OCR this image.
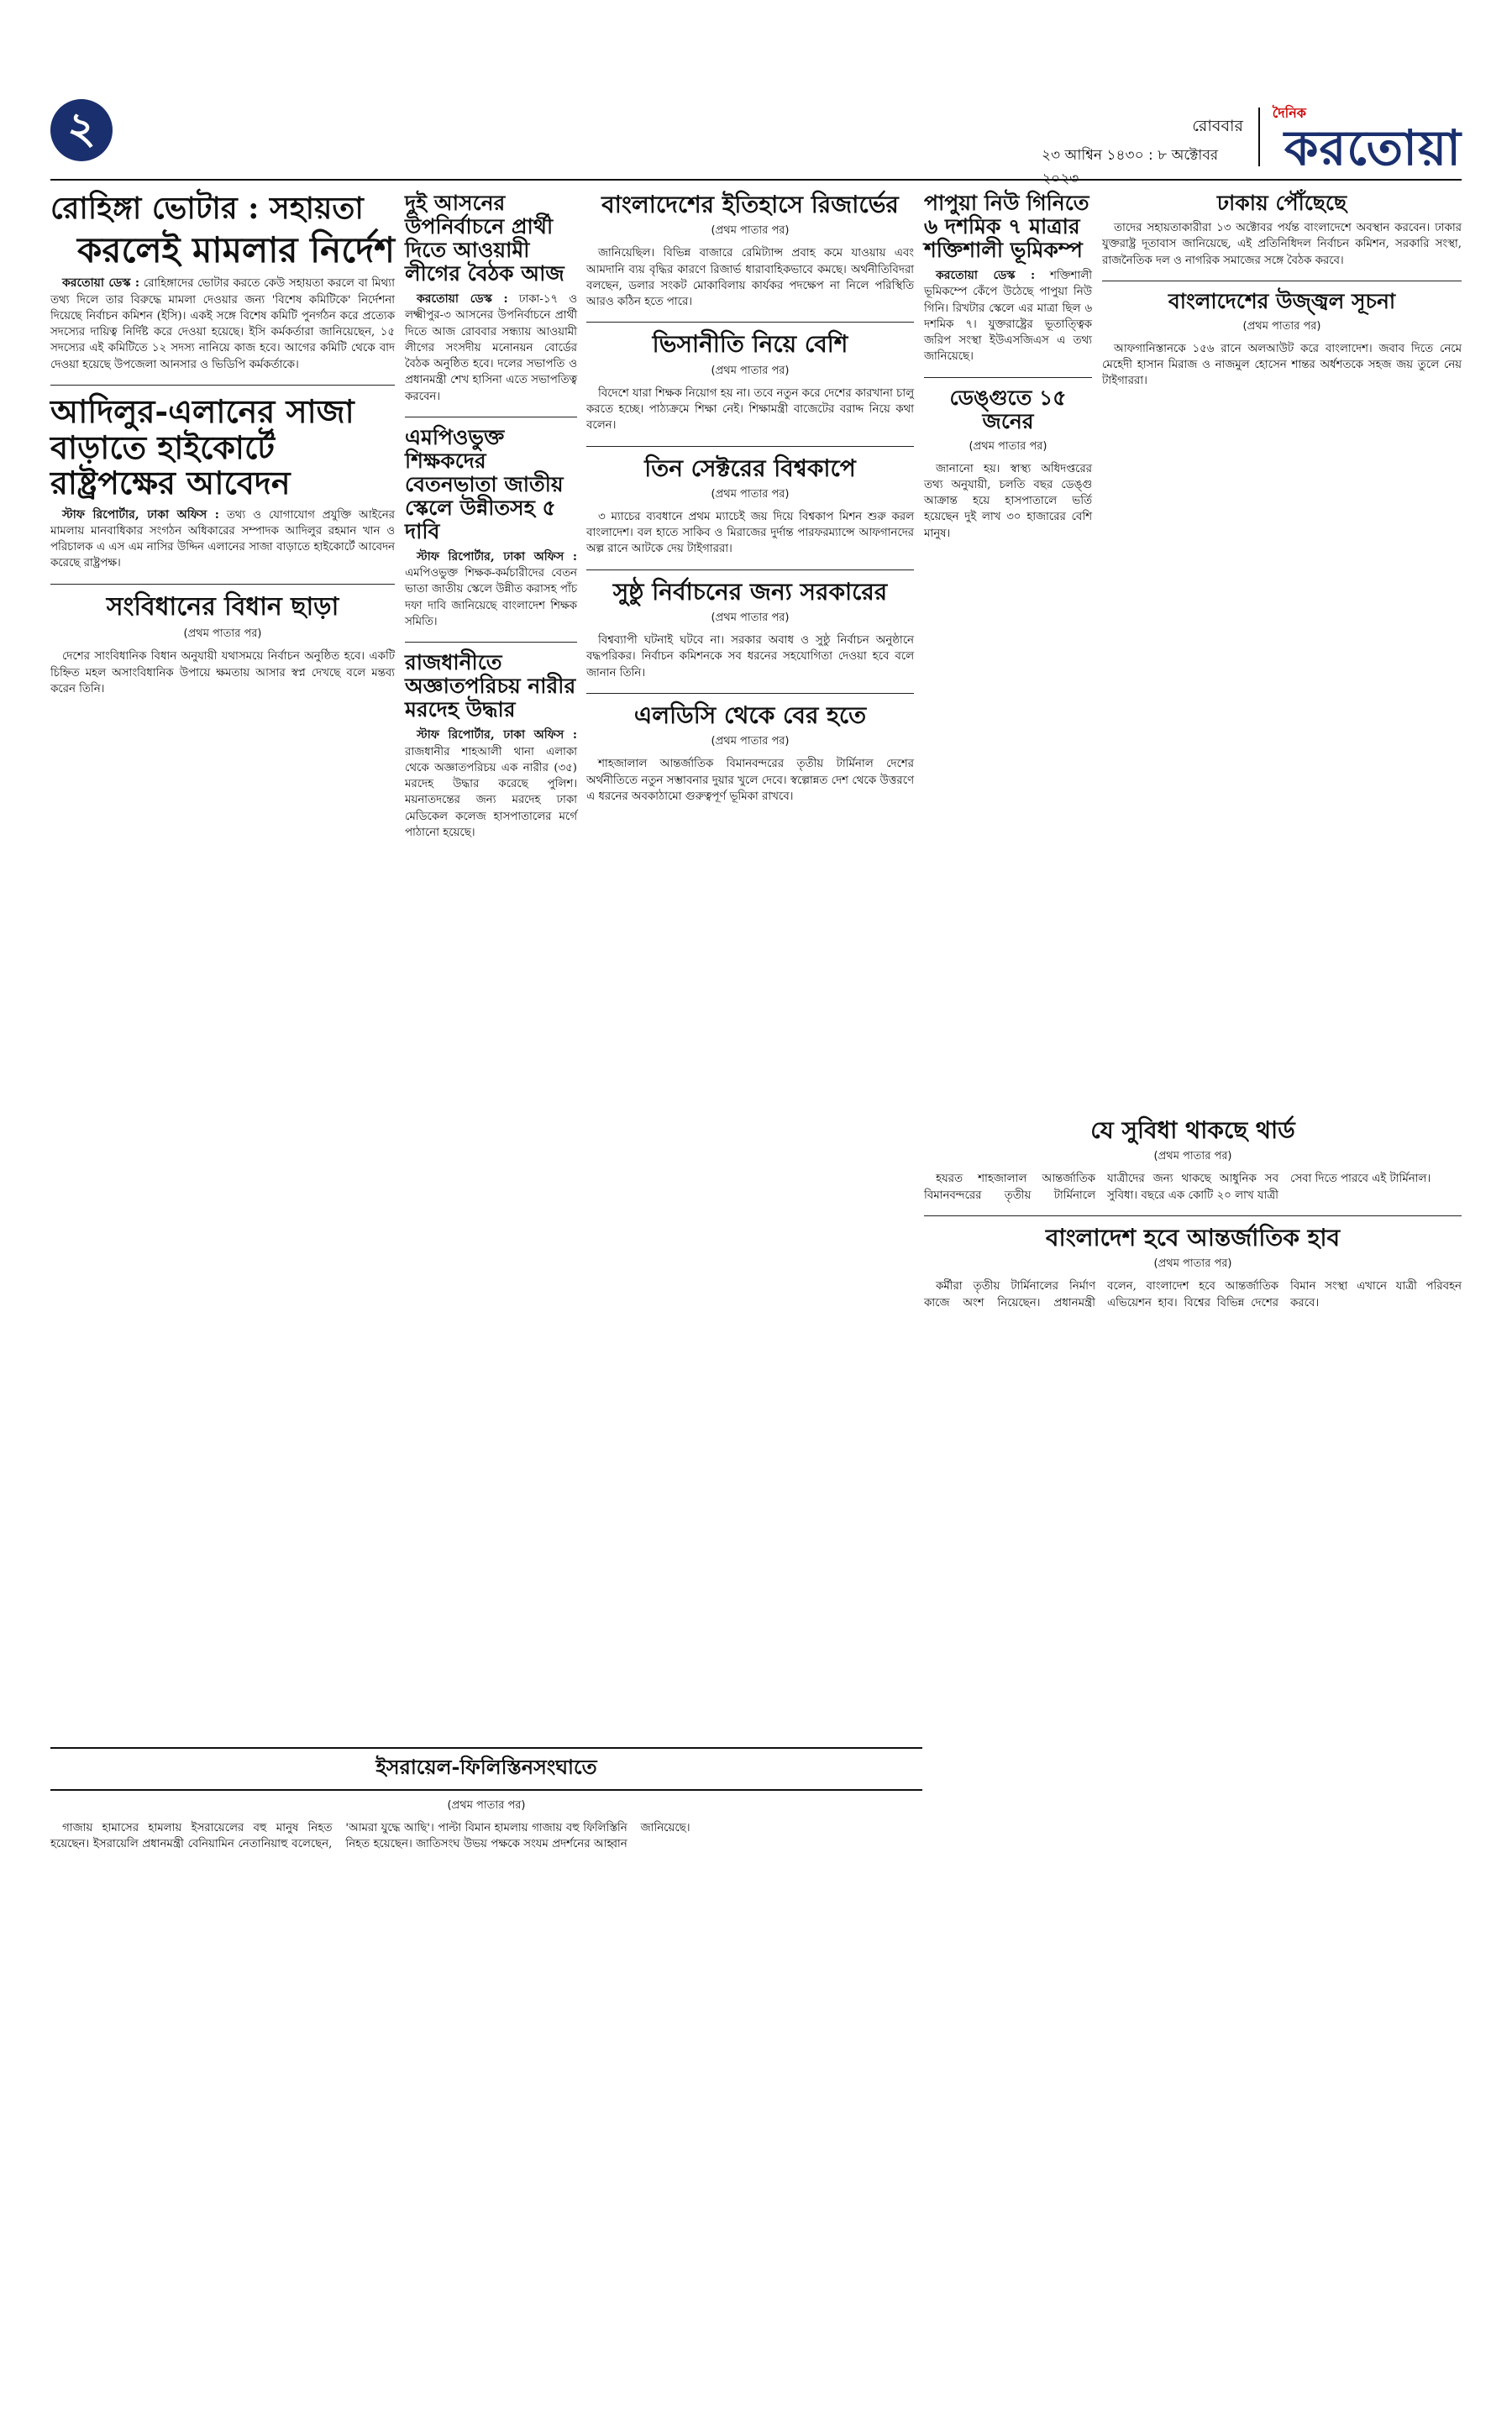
২	রোববার
২৩ আশ্বিন ১৪৩০ : ৮ অক্টোবর ২০২৩
দৈনিক
করতোয়া
রোহিঙ্গা ভোটার : সহায়তা
করলেই মামলার নির্দেশ

করতোয়া ডেস্ক : রোহিঙ্গাদের ভোটার করতে কেউ সহায়তা করলে বা মিথ্যা তথ্য দিলে তার বিরুদ্ধে মামলা দেওয়ার জন্য 'বিশেষ কমিটিকে' নির্দেশনা দিয়েছে নির্বাচন কমিশন (ইসি)। একই সঙ্গে বিশেষ কমিটি পুনর্গঠন করে প্রত্যেক সদস্যের দায়িত্ব নির্দিষ্ট করে দেওয়া হয়েছে। ইসি কর্মকর্তারা জানিয়েছেন, ১৫ সদস্যের এই কমিটিতে ১২ সদস্য নানিয়ে কাজ হবে। আগের কমিটি থেকে বাদ দেওয়া হয়েছে উপজেলা আনসার ও ভিডিপি কর্মকর্তাকে।

আদিলুর-এলানের সাজা বাড়াতে হাইকোর্টে রাষ্ট্রপক্ষের আবেদন

স্টাফ রিপোর্টার, ঢাকা অফিস : তথ্য ও যোগাযোগ প্রযুক্তি আইনের মামলায় মানবাধিকার সংগঠন অধিকারের সম্পাদক আদিলুর রহমান খান ও পরিচালক এ এস এম নাসির উদ্দিন এলানের সাজা বাড়াতে হাইকোর্টে আবেদন করেছে রাষ্ট্রপক্ষ।

সংবিধানের বিধান ছাড়া
(প্রথম পাতার পর)

দেশের সাংবিধানিক বিধান অনুযায়ী যথাসময়ে নির্বাচন অনুষ্ঠিত হবে। একটি চিহ্নিত মহল অসাংবিধানিক উপায়ে ক্ষমতায় আসার স্বপ্ন দেখছে বলে মন্তব্য করেন তিনি।

দুই আসনের উপনির্বাচনে প্রার্থী দিতে আওয়ামী লীগের বৈঠক আজ

করতোয়া ডেস্ক : ঢাকা-১৭ ও লক্ষ্মীপুর-৩ আসনের উপনির্বাচনে প্রার্থী দিতে আজ রোববার সন্ধ্যায় আওয়ামী লীগের সংসদীয় মনোনয়ন বোর্ডের বৈঠক অনুষ্ঠিত হবে। দলের সভাপতি ও প্রধানমন্ত্রী শেখ হাসিনা এতে সভাপতিত্ব করবেন।

এমপিওভুক্ত শিক্ষকদের বেতনভাতা জাতীয় স্কেলে উন্নীতসহ ৫ দাবি

স্টাফ রিপোর্টার, ঢাকা অফিস : এমপিওভুক্ত শিক্ষক-কর্মচারীদের বেতন ভাতা জাতীয় স্কেলে উন্নীত করাসহ পাঁচ দফা দাবি জানিয়েছে বাংলাদেশ শিক্ষক সমিতি।

রাজধানীতে অজ্ঞাতপরিচয় নারীর মরদেহ উদ্ধার

স্টাফ রিপোর্টার, ঢাকা অফিস : রাজধানীর শাহআলী থানা এলাকা থেকে অজ্ঞাতপরিচয় এক নারীর (৩৫) মরদেহ উদ্ধার করেছে পুলিশ। ময়নাতদন্তের জন্য মরদেহ ঢাকা মেডিকেল কলেজ হাসপাতালের মর্গে পাঠানো হয়েছে।

বাংলাদেশের ইতিহাসে রিজার্ভের
(প্রথম পাতার পর)

জানিয়েছিল। বিভিন্ন বাজারে রেমিট্যান্স প্রবাহ কমে যাওয়ায় এবং আমদানি ব্যয় বৃদ্ধির কারণে রিজার্ভ ধারাবাহিকভাবে কমছে। অর্থনীতিবিদরা বলছেন, ডলার সংকট মোকাবিলায় কার্যকর পদক্ষেপ না নিলে পরিস্থিতি আরও কঠিন হতে পারে।

ভিসানীতি নিয়ে বেশি
(প্রথম পাতার পর)

বিদেশে যারা শিক্ষক নিয়োগ হয় না। তবে নতুন করে দেশের কারখানা চালু করতে হচ্ছে। পাঠ্যক্রমে শিক্ষা নেই। শিক্ষামন্ত্রী বাজেটের বরাদ্দ নিয়ে কথা বলেন।

তিন সেক্টরের বিশ্বকাপে
(প্রথম পাতার পর)

৩ ম্যাচের ব্যবধানে প্রথম ম্যাচেই জয় দিয়ে বিশ্বকাপ মিশন শুরু করল বাংলাদেশ। বল হাতে সাকিব ও মিরাজের দুর্দান্ত পারফরম্যান্সে আফগানদের অল্প রানে আটকে দেয় টাইগাররা।

সুষ্ঠু নির্বাচনের জন্য সরকারের
(প্রথম পাতার পর)

বিশ্বব্যাপী ঘটনাই ঘটবে না। সরকার অবাধ ও সুষ্ঠু নির্বাচন অনুষ্ঠানে বদ্ধপরিকর। নির্বাচন কমিশনকে সব ধরনের সহযোগিতা দেওয়া হবে বলে জানান তিনি।

এলডিসি থেকে বের হতে
(প্রথম পাতার পর)

শাহজালাল আন্তর্জাতিক বিমানবন্দরের তৃতীয় টার্মিনাল দেশের অর্থনীতিতে নতুন সম্ভাবনার দুয়ার খুলে দেবে। স্বল্পোন্নত দেশ থেকে উত্তরণে এ ধরনের অবকাঠামো গুরুত্বপূর্ণ ভূমিকা রাখবে।

পাপুয়া নিউ গিনিতে ৬ দশমিক ৭ মাত্রার শক্তিশালী ভূমিকম্প

করতোয়া ডেস্ক : শক্তিশালী ভূমিকম্পে কেঁপে উঠেছে পাপুয়া নিউ গিনি। রিখটার স্কেলে এর মাত্রা ছিল ৬ দশমিক ৭। যুক্তরাষ্ট্রের ভূতাত্ত্বিক জরিপ সংস্থা ইউএসজিএস এ তথ্য জানিয়েছে।

ডেঙ্গুতে ১৫ জনের
(প্রথম পাতার পর)

জানানো হয়। স্বাস্থ্য অধিদপ্তরের তথ্য অনুযায়ী, চলতি বছর ডেঙ্গু আক্রান্ত হয়ে হাসপাতালে ভর্তি হয়েছেন দুই লাখ ৩০ হাজারের বেশি মানুষ।

ঢাকায় পৌঁছেছে

তাদের সহায়তাকারীরা ১৩ অক্টোবর পর্যন্ত বাংলাদেশে অবস্থান করবেন। ঢাকার যুক্তরাষ্ট্র দূতাবাস জানিয়েছে, এই প্রতিনিধিদল নির্বাচন কমিশন, সরকারি সংস্থা, রাজনৈতিক দল ও নাগরিক সমাজের সঙ্গে বৈঠক করবে।

বাংলাদেশের উজ্জ্বল সূচনা
(প্রথম পাতার পর)

আফগানিস্তানকে ১৫৬ রানে অলআউট করে বাংলাদেশ। জবাব দিতে নেমে মেহেদী হাসান মিরাজ ও নাজমুল হোসেন শান্তর অর্ধশতকে সহজ জয় তুলে নেয় টাইগাররা।

যে সুবিধা থাকছে থার্ড
(প্রথম পাতার পর)

হযরত শাহজালাল আন্তর্জাতিক বিমানবন্দরের তৃতীয় টার্মিনালে যাত্রীদের জন্য থাকছে আধুনিক সব সুবিধা। বছরে এক কোটি ২০ লাখ যাত্রী সেবা দিতে পারবে এই টার্মিনাল।

বাংলাদেশ হবে আন্তর্জাতিক হাব
(প্রথম পাতার পর)

কর্মীরা তৃতীয় টার্মিনালের নির্মাণ কাজে অংশ নিয়েছেন। প্রধানমন্ত্রী বলেন, বাংলাদেশ হবে আন্তর্জাতিক এভিয়েশন হাব। বিশ্বের বিভিন্ন দেশের বিমান সংস্থা এখানে যাত্রী পরিবহন করবে।

ইসরায়েল-ফিলিস্তিনসংঘাতে
(প্রথম পাতার পর)

গাজায় হামাসের হামলায় ইসরায়েলের বহু মানুষ নিহত হয়েছেন। ইসরায়েলি প্রধানমন্ত্রী বেনিয়ামিন নেতানিয়াহু বলেছেন, 'আমরা যুদ্ধে আছি'। পাল্টা বিমান হামলায় গাজায় বহু ফিলিস্তিনি নিহত হয়েছেন। জাতিসংঘ উভয় পক্ষকে সংযম প্রদর্শনের আহ্বান জানিয়েছে।
